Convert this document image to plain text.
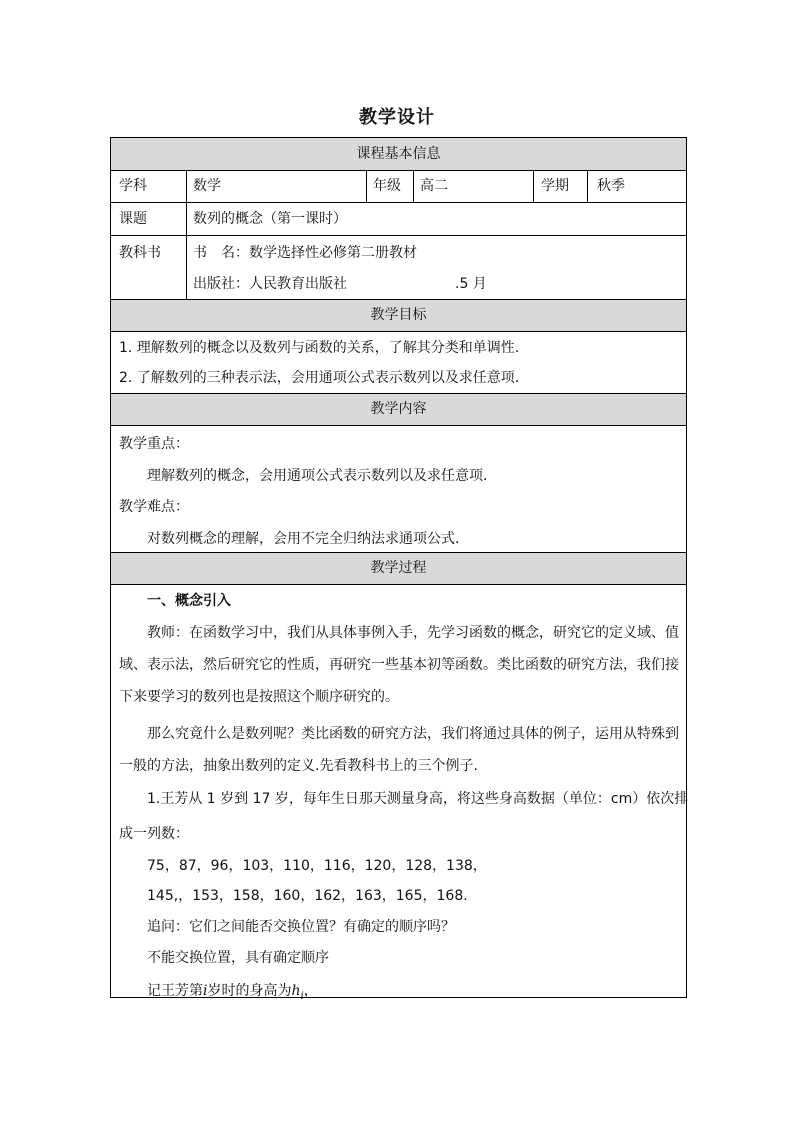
教学设计
课程基本信息
学科	数学	年级 高二	学期 秋季
课题	数列的概念（第一课时）
教科书 书　名：数学选择性必修第二册教材
出版社：人民教育出版社	.5 月
教学目标
1. 理解数列的概念以及数列与函数的关系，了解其分类和单调性.
2. 了解数列的三种表示法，会用通项公式表示数列以及求任意项.
教学内容
教学重点：
理解数列的概念，会用通项公式表示数列以及求任意项.
教学难点：
对数列概念的理解，会用不完全归纳法求通项公式.
教学过程
一、概念引入
教师：在函数学习中，我们从具体事例入手，先学习函数的概念，研究它的定义域、值
域、表示法，然后研究它的性质，再研究一些基本初等函数。类比函数的研究方法，我们接
下来要学习的数列也是按照这个顺序研究的。
那么究竟什么是数列呢？类比函数的研究方法，我们将通过具体的例子，运用从特殊到
一般的方法，抽象出数列的定义.先看教科书上的三个例子.
1.王芳从 1 岁到 17 岁，每年生日那天测量身高，将这些身高数据（单位：cm）依次排
成一列数：
75，87，96，103，110，116，120，128，138，
145,，153，158，160，162，163，165，168.
追问：它们之间能否交换位置？有确定的顺序吗？
不能交换位置，具有确定顺序
记王芳第i岁时的身高为$h_i$，
